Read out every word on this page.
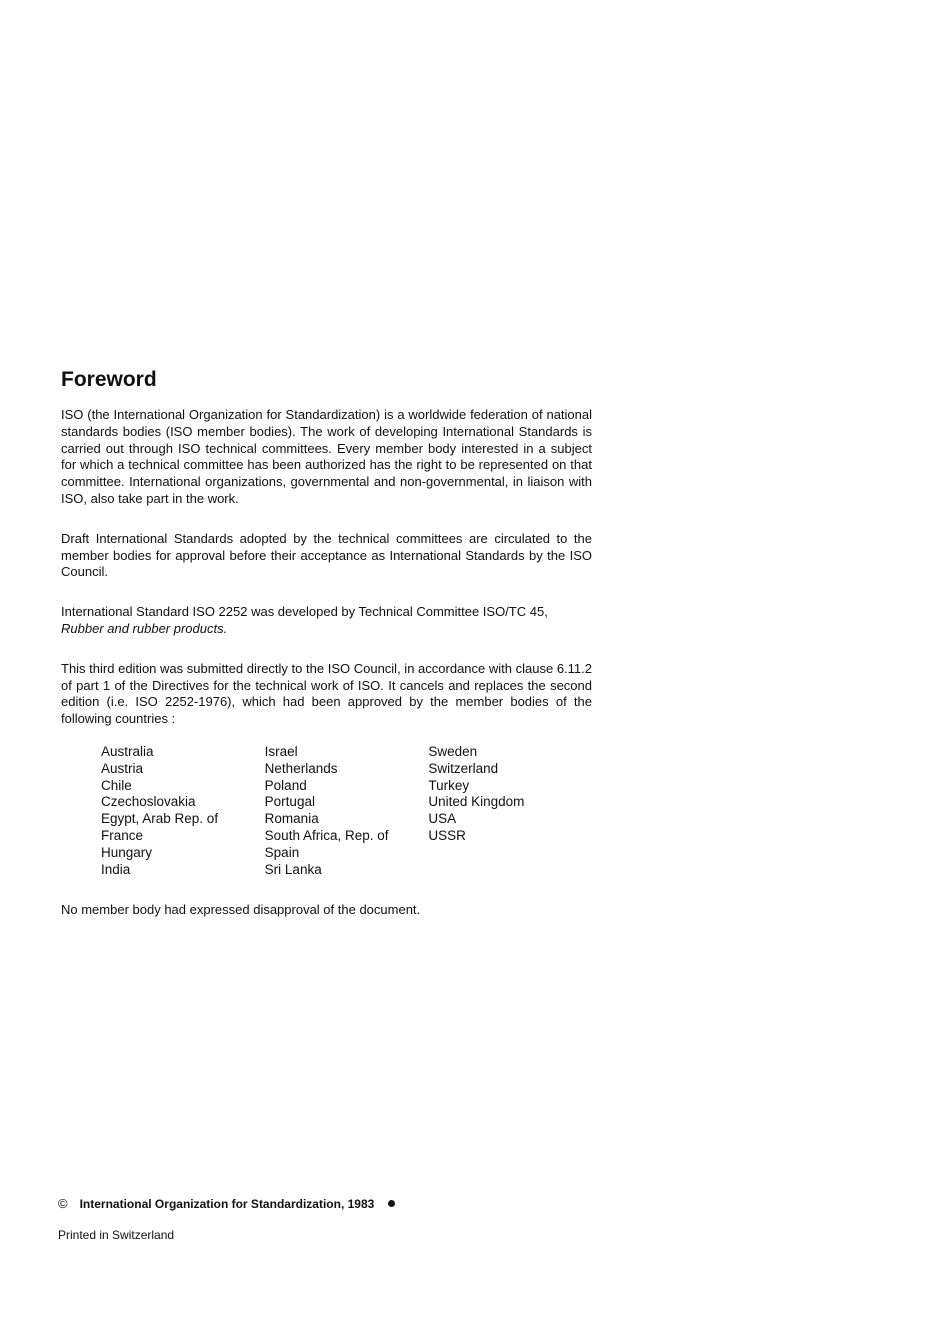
Foreword

ISO (the International Organization for Standardization) is a worldwide federation of national standards bodies (ISO member bodies). The work of developing International Standards is carried out through ISO technical committees. Every member body interested in a subject for which a technical committee has been authorized has the right to be represented on that committee. International organizations, governmental and non-governmental, in liaison with ISO, also take part in the work.

Draft International Standards adopted by the technical committees are circulated to the member bodies for approval before their acceptance as International Standards by the ISO Council.

International Standard ISO 2252 was developed by Technical Committee ISO/TC 45,
Rubber and rubber products.

This third edition was submitted directly to the ISO Council, in accordance with clause 6.11.2 of part 1 of the Directives for the technical work of ISO. It cancels and replaces the second edition (i.e. ISO 2252-1976), which had been approved by the member bodies of the following countries :

Australia
Austria
Chile
Czechoslovakia
Egypt, Arab Rep. of
France
Hungary
India
Israel
Netherlands
Poland
Portugal
Romania
South Africa, Rep. of
Spain
Sri Lanka
Sweden
Switzerland
Turkey
United Kingdom
USA
USSR

No member body had expressed disapproval of the document.

© International Organization for Standardization, 1983
Printed in Switzerland
